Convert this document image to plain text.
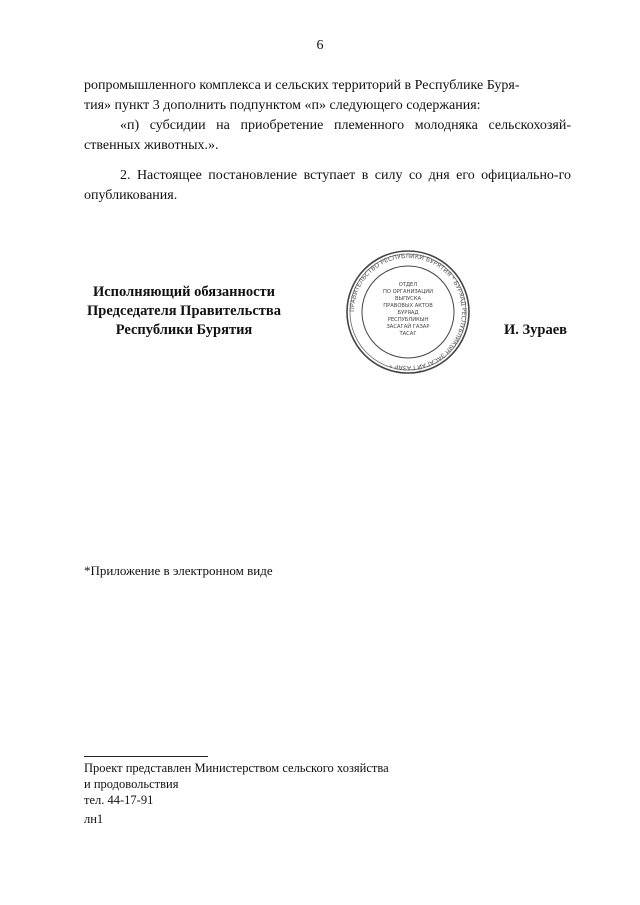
6

ропромышленного комплекса и сельских территорий в Республике Буря-

тия» пункт 3 дополнить подпунктом «п» следующего содержания:

«п) субсидии на приобретение племенного молодняка сельскохозяй-ственных животных.».

2. Настоящее постановление вступает в силу со дня его официально-го опубликования.

Исполняющий обязанности
Председателя Правительства
Республики Бурятия
ПРАВИТЕЛЬСТВО РЕСПУБЛИКИ БУРЯТИЯ * БУРЯАД РЕСПУБЛИКЫН ЗАСАГАЙ ГАЗАР *
ОТДЕЛ
ПО ОРГАНИЗАЦИИ
ВЫПУСКА
ПРАВОВЫХ АКТОВ
БУРЯАД
РЕСПУБЛИКЫН
ЗАСАГАЙ ГАЗАР
ТАСАГ	И. Зураев
*Приложение в электронном виде
Проект представлен Министерством сельского хозяйства
и продовольствия
тел. 44-17-91
лн1
